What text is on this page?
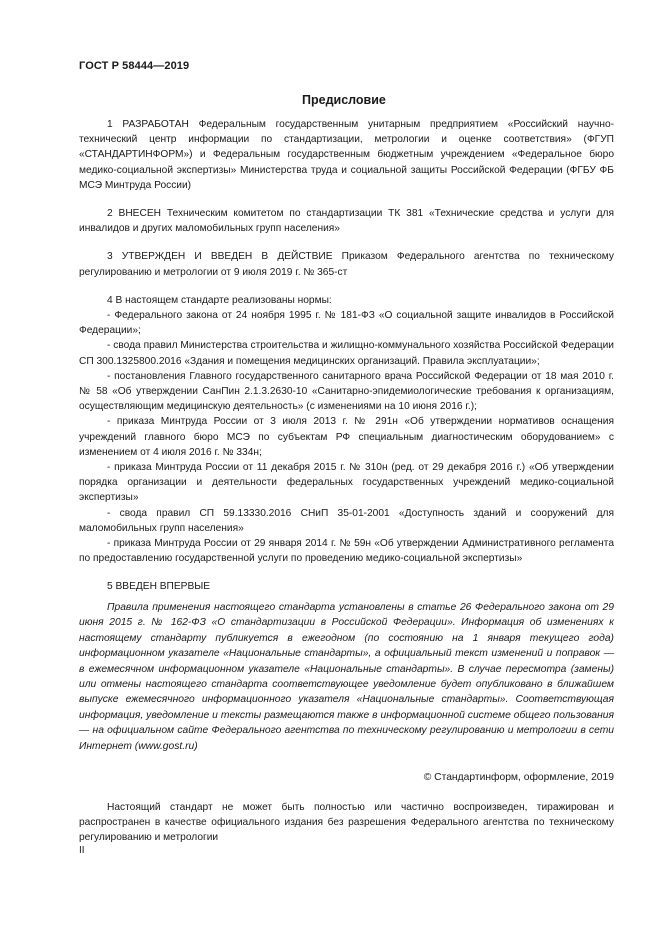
ГОСТ Р 58444—2019
Предисловие

1 РАЗРАБОТАН Федеральным государственным унитарным предприятием «Российский научно-технический центр информации по стандартизации, метрологии и оценке соответствия» (ФГУП «СТАНДАРТИНФОРМ») и Федеральным государственным бюджетным учреждением «Федеральное бюро медико-социальной экспертизы» Министерства труда и социальной защиты Российской Федерации (ФГБУ ФБ МСЭ Минтруда России)

2 ВНЕСЕН Техническим комитетом по стандартизации ТК 381 «Технические средства и услуги для инвалидов и других маломобильных групп населения»

3 УТВЕРЖДЕН И ВВЕДЕН В ДЕЙСТВИЕ Приказом Федерального агентства по техническому регулированию и метрологии от 9 июля 2019 г. № 365-ст

4 В настоящем стандарте реализованы нормы:

- Федерального закона от 24 ноября 1995 г. № 181-ФЗ «О социальной защите инвалидов в Российской Федерации»;

- свода правил Министерства строительства и жилищно-коммунального хозяйства Российской Федерации СП 300.1325800.2016 «Здания и помещения медицинских организаций. Правила эксплуатации»;

- постановления Главного государственного санитарного врача Российской Федерации от 18 мая 2010 г. № 58 «Об утверждении СанПин 2.1.3.2630-10 «Санитарно-эпидемиологические требования к организациям, осуществляющим медицинскую деятельность» (с изменениями на 10 июня 2016 г.);

- приказа Минтруда России от 3 июля 2013 г. № 291н «Об утверждении нормативов оснащения учреждений главного бюро МСЭ по субъектам РФ специальным диагностическим оборудованием» с изменением от 4 июля 2016 г. № 334н;

- приказа Минтруда России от 11 декабря 2015 г. № 310н (ред. от 29 декабря 2016 г.) «Об утверждении порядка организации и деятельности федеральных государственных учреждений медико-социальной экспертизы»

- свода правил СП 59.13330.2016 СНиП 35-01-2001 «Доступность зданий и сооружений для маломобильных групп населения»

- приказа Минтруда России от 29 января 2014 г. № 59н «Об утверждении Административного регламента по предоставлению государственной услуги по проведению медико-социальной экспертизы»

5 ВВЕДЕН ВПЕРВЫЕ

Правила применения настоящего стандарта установлены в статье 26 Федерального закона от 29 июня 2015 г. № 162-ФЗ «О стандартизации в Российской Федерации». Информация об изменениях к настоящему стандарту публикуется в ежегодном (по состоянию на 1 января текущего года) информационном указателе «Национальные стандарты», а официальный текст изменений и поправок — в ежемесячном информационном указателе «Национальные стандарты». В случае пересмотра (замены) или отмены настоящего стандарта соответствующее уведомление будет опубликовано в ближайшем выпуске ежемесячного информационного указателя «Национальные стандарты». Соответствующая информация, уведомление и тексты размещаются также в информационной системе общего пользования — на официальном сайте Федерального агентства по техническому регулированию и метрологии в сети Интернет (www.gost.ru)

© Стандартинформ, оформление, 2019

Настоящий стандарт не может быть полностью или частично воспроизведен, тиражирован и распространен в качестве официального издания без разрешения Федерального агентства по техническому регулированию и метрологии

II
